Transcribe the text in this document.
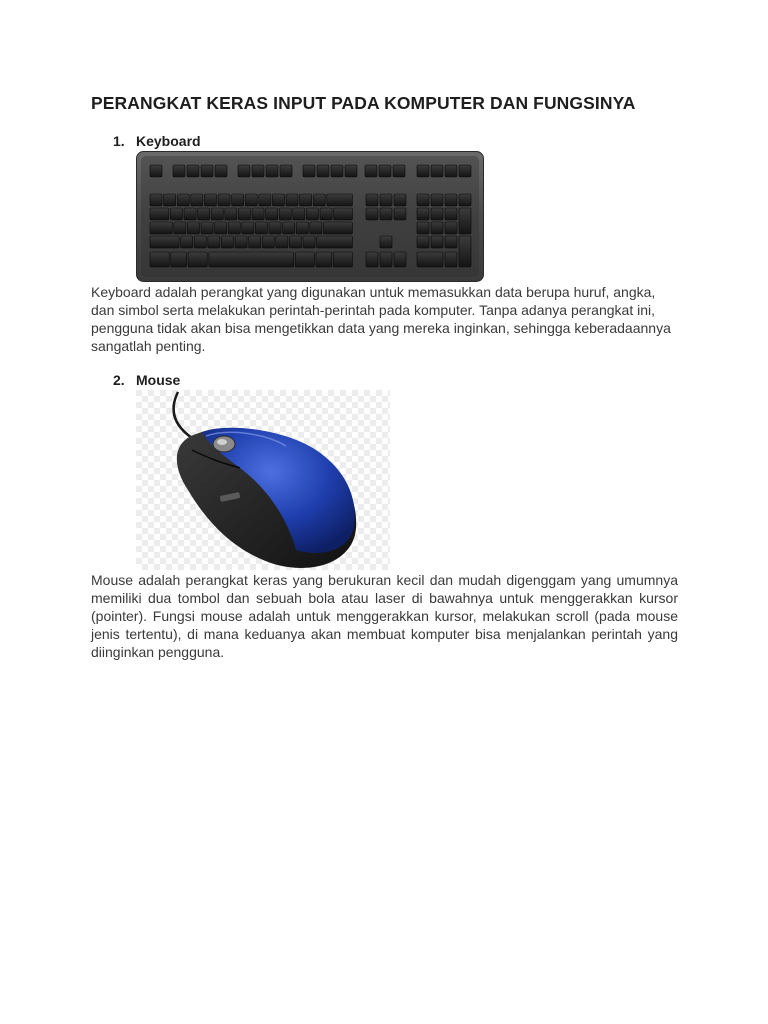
PERANGKAT KERAS INPUT PADA KOMPUTER DAN FUNGSINYA
1. Keyboard

Keyboard adalah perangkat yang digunakan untuk memasukkan data berupa huruf, angka, dan simbol serta melakukan perintah-perintah pada komputer. Tanpa adanya perangkat ini, pengguna tidak akan bisa mengetikkan data yang mereka inginkan, sehingga keberadaannya sangatlah penting.

2. Mouse

Mouse adalah perangkat keras yang berukuran kecil dan mudah digenggam yang umumnya memiliki dua tombol dan sebuah bola atau laser di bawahnya untuk menggerakkan kursor (pointer). Fungsi mouse adalah untuk menggerakkan kursor, melakukan scroll (pada mouse jenis tertentu), di mana keduanya akan membuat komputer bisa menjalankan perintah yang diinginkan pengguna.
